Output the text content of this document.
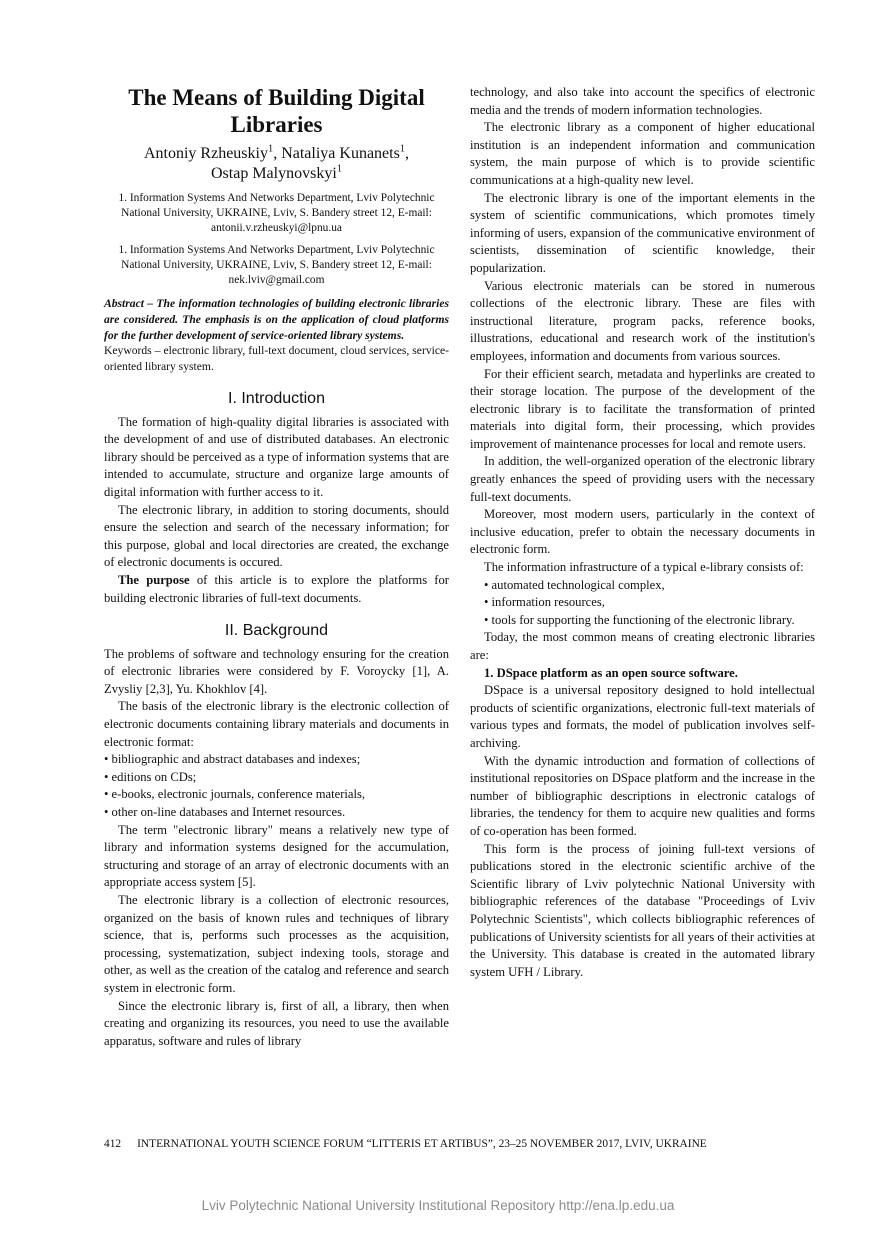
The Means of Building Digital Libraries

Antoniy Rzheuskiy$^1$, Nataliya Kunanets$^1$,
Ostap Malynovskyi$^1$

1. Information Systems And Networks Department, Lviv Polytechnic National University, UKRAINE, Lviv, S. Bandery street 12, E-mail: antonii.v.rzheuskyi@lpnu.ua

1. Information Systems And Networks Department, Lviv Polytechnic National University, UKRAINE, Lviv, S. Bandery street 12, E-mail: nek.lviv@gmail.com

Abstract – The information technologies of building electronic libraries are considered. The emphasis is on the application of cloud platforms for the further development of service-oriented library systems.

Keywords – electronic library, full-text document, cloud services, service-oriented library system.

I. Introduction

The formation of high-quality digital libraries is associated with the development of and use of distributed databases. An electronic library should be perceived as a type of information systems that are intended to accumulate, structure and organize large amounts of digital information with further access to it.

The electronic library, in addition to storing documents, should ensure the selection and search of the necessary information; for this purpose, global and local directories are created, the exchange of electronic documents is occured.

The purpose of this article is to explore the platforms for building electronic libraries of full-text documents.

II. Background

The problems of software and technology ensuring for the creation of electronic libraries were considered by F. Voroycky [1], A. Zvysliy [2,3], Yu. Khokhlov [4].

The basis of the electronic library is the electronic collection of electronic documents containing library materials and documents in electronic format:

• bibliographic and abstract databases and indexes;

• editions on CDs;

• e-books, electronic journals, conference materials,

• other on-line databases and Internet resources.

The term "electronic library" means a relatively new type of library and information systems designed for the accumulation, structuring and storage of an array of electronic documents with an appropriate access system [5].

The electronic library is a collection of electronic resources, organized on the basis of known rules and techniques of library science, that is, performs such processes as the acquisition, processing, systematization, subject indexing tools, storage and other, as well as the creation of the catalog and reference and search system in electronic form.

Since the electronic library is, first of all, a library, then when creating and organizing its resources, you need to use the available apparatus, software and rules of library

technology, and also take into account the specifics of electronic media and the trends of modern information technologies.

The electronic library as a component of higher educational institution is an independent information and communication system, the main purpose of which is to provide scientific communications at a high-quality new level.

The electronic library is one of the important elements in the system of scientific communications, which promotes timely informing of users, expansion of the communicative environment of scientists, dissemination of scientific knowledge, their popularization.

Various electronic materials can be stored in numerous collections of the electronic library. These are files with instructional literature, program packs, reference books, illustrations, educational and research work of the institution's employees, information and documents from various sources.

For their efficient search, metadata and hyperlinks are created to their storage location. The purpose of the development of the electronic library is to facilitate the transformation of printed materials into digital form, their processing, which provides improvement of maintenance processes for local and remote users.

In addition, the well-organized operation of the electronic library greatly enhances the speed of providing users with the necessary full-text documents.

Moreover, most modern users, particularly in the context of inclusive education, prefer to obtain the necessary documents in electronic form.

The information infrastructure of a typical e-library consists of:

• automated technological complex,

• information resources,

• tools for supporting the functioning of the electronic library.

Today, the most common means of creating electronic libraries are:

1. DSpace platform as an open source software.

DSpace is a universal repository designed to hold intellectual products of scientific organizations, electronic full-text materials of various types and formats, the model of publication involves self-archiving.

With the dynamic introduction and formation of collections of institutional repositories on DSpace platform and the increase in the number of bibliographic descriptions in electronic catalogs of libraries, the tendency for them to acquire new qualities and forms of co-operation has been formed.

This form is the process of joining full-text versions of publications stored in the electronic scientific archive of the Scientific library of Lviv polytechnic National University with bibliographic references of the database "Proceedings of Lviv Polytechnic Scientists", which collects bibliographic references of publications of University scientists for all years of their activities at the University. This database is created in the automated library system UFH / Library.

412 INTERNATIONAL YOUTH SCIENCE FORUM “LITTERIS ET ARTIBUS”, 23–25 NOVEMBER 2017, LVIV, UKRAINE
Lviv Polytechnic National University Institutional Repository http://ena.lp.edu.ua
